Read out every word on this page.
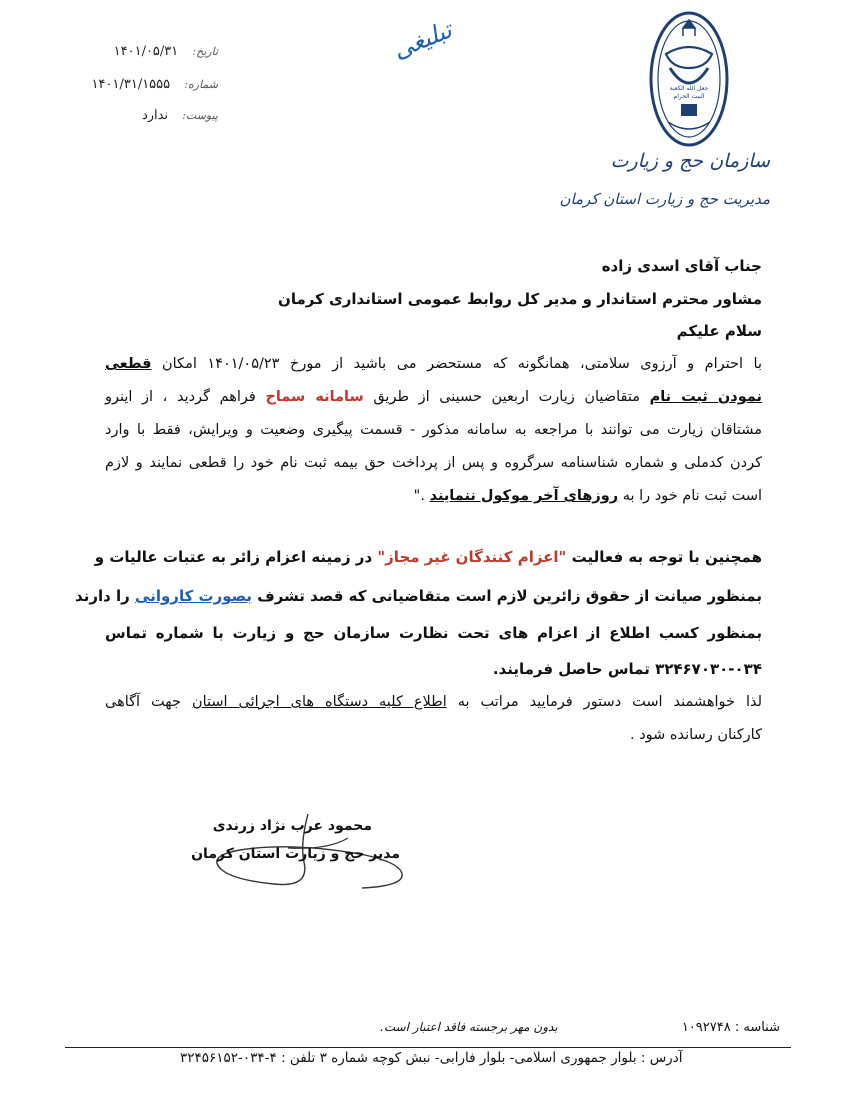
تاریخ: ۱۴۰۱/۰۵/۳۱
شماره: ۱۴۰۱/۳۱/۱۵۵۵
پیوست: ندارد
تبلیغی
جعل الله الکعبة
البیت الحرام
سازمان حج و زیارت
مدیریت حج و زیارت استان کرمان
جناب آقای اسدی زاده
مشاور محترم استاندار و مدیر کل روابط عمومی استانداری کرمان
سلام علیکم
با احترام و آرزوی سلامتی، همانگونه که مستحضر می باشید از مورخ ۱۴۰۱/۰۵/۲۳ امکان قطعی
نمودن ثبت نام متقاضیان زیارت اربعین حسینی از طریق سامانه سماح فراهم گردید ، از اینرو
مشتاقان زیارت می توانند با مراجعه به سامانه مذکور - قسمت پیگیری وضعیت و ویرایش، فقط با وارد
کردن کدملی و شماره شناسنامه سرگروه و پس از پرداخت حق بیمه ثبت نام خود را قطعی نمایند و لازم
است ثبت نام خود را به روزهای آخر موکول ننمایند ."
همچنین با توجه به فعالیت "اعزام کنندگان غیر مجاز" در زمینه اعزام زائر به عتبات عالیات و
بمنظور صیانت از حقوق زائرین لازم است متقاضیانی که قصد تشرف بصورت کاروانی را دارند
بمنظور کسب اطلاع از اعزام های تحت نظارت سازمان حج و زیارت با شماره تماس
۳۲۴۶۷۰۳۰-۰۳۴ تماس حاصل فرمایند.
لذا خواهشمند است دستور فرمایید مراتب به اطلاع کلیه دستگاه های اجرائی استان جهت آگاهی
کارکنان رسانده شود .
محمود عرب نژاد زرندی
مدیر حج و زیارت استان کرمان
شناسه : ۱۰۹۲۷۴۸
بدون مهر برجسته فاقد اعتبار است.
آدرس : بلوار جمهوری اسلامی- بلوار فارابی- نبش کوچه شماره ۳ تلفن : ۴-۰۳۴-۳۲۴۵۶۱۵۲
